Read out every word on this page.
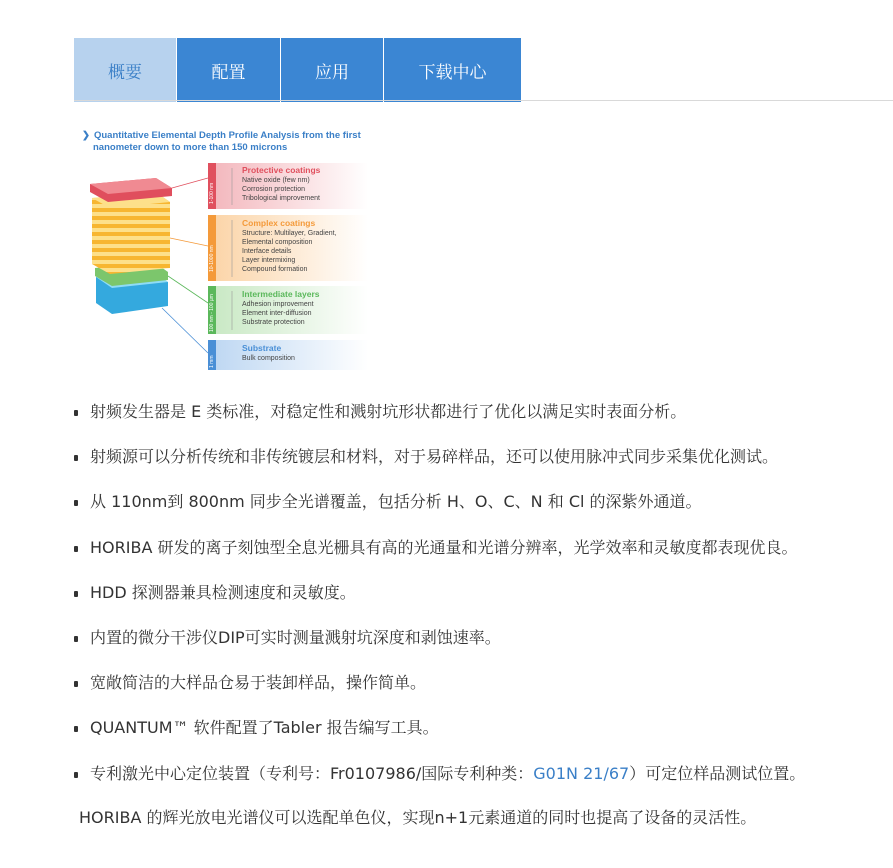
概要	配置	应用	下载中心
❯ Quantitative Elemental Depth Profile Analysis from the first
nanometer down to more than 150 microns
1-100 nm
10-1000 nm
100 nm - 100 µm
1 mm
Protective coatings
Native oxide (few nm)
Corrosion protection
Tribological improvement
Complex coatings
Structure: Multilayer, Gradient,
Elemental composition
Interface details
Layer intermixing
Compound formation
Intermediate layers
Adhesion improvement
Element inter-diffusion
Substrate protection
Substrate
Bulk composition
射频发生器是 E 类标准，对稳定性和溅射坑形状都进行了优化以满足实时表面分析。
射频源可以分析传统和非传统镀层和材料，对于易碎样品，还可以使用脉冲式同步采集优化测试。
从 110nm到 800nm 同步全光谱覆盖，包括分析 H、O、C、N 和 Cl 的深紫外通道。
HORIBA 研发的离子刻蚀型全息光栅具有高的光通量和光谱分辨率，光学效率和灵敏度都表现优良。
HDD 探测器兼具检测速度和灵敏度。
内置的微分干涉仪DIP可实时测量溅射坑深度和剥蚀速率。
宽敞简洁的大样品仓易于装卸样品，操作简单。
QUANTUM™ 软件配置了Tabler 报告编写工具。
专利激光中心定位装置（专利号：Fr0107986/国际专利种类：G01N 21/67）可定位样品测试位置。
HORIBA 的辉光放电光谱仪可以选配单色仪，实现n+1元素通道的同时也提高了设备的灵活性。
